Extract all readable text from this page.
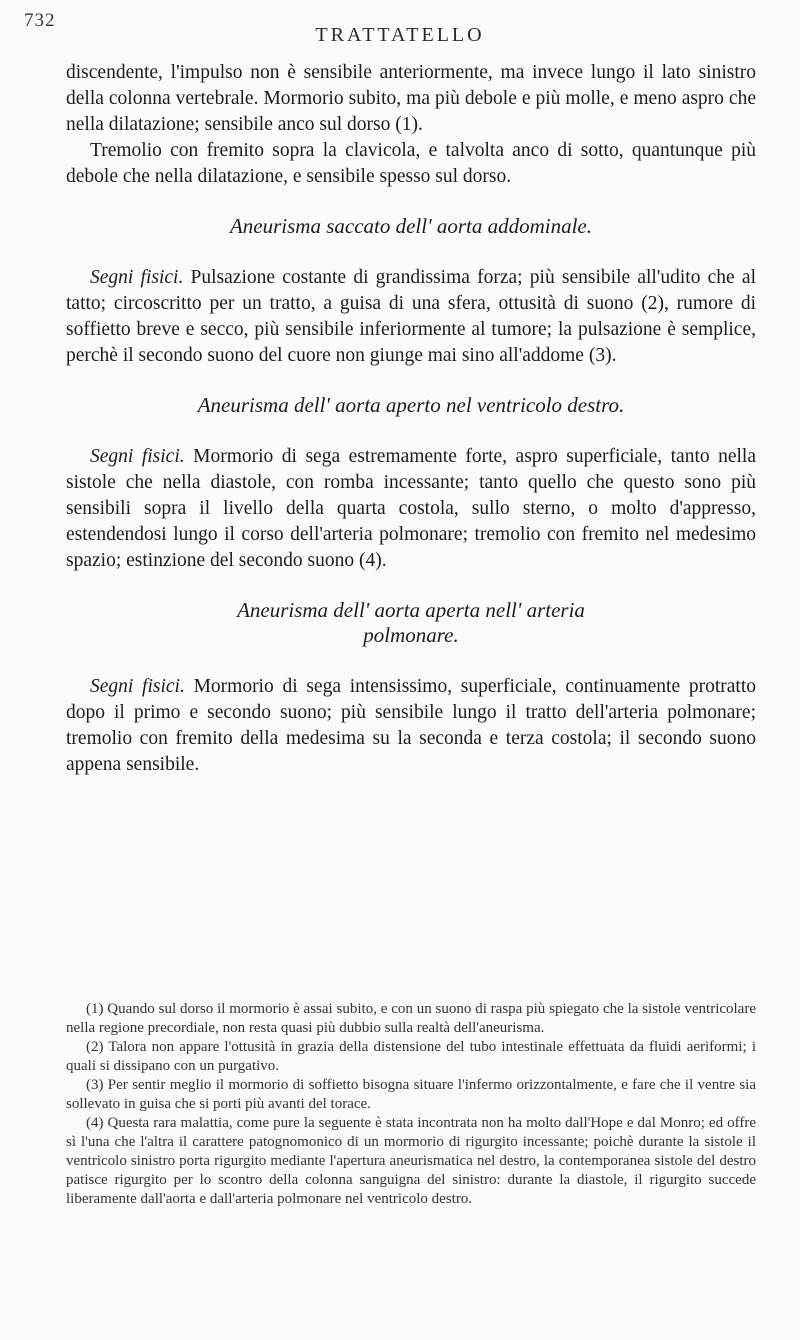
732
TRATTATELLO

discendente, l'impulso non è sensibile anteriormente, ma invece lungo il lato sinistro della colonna vertebrale. Mormorio subito, ma più debole e più molle, e meno aspro che nella dilatazione; sensibile anco sul dorso (1).

Tremolio con fremito sopra la clavicola, e talvolta anco di sotto, quantunque più debole che nella dilatazione, e sensibile spesso sul dorso.

Aneurisma saccato dell' aorta addominale.

Segni fisici. Pulsazione costante di grandissima forza; più sensibile all'udito che al tatto; circoscritto per un tratto, a guisa di una sfera, ottusità di suono (2), rumore di soffietto breve e secco, più sensibile inferiormente al tumore; la pulsazione è semplice, perchè il secondo suono del cuore non giunge mai sino all'addome (3).

Aneurisma dell' aorta aperto nel ventricolo destro.

Segni fisici. Mormorio di sega estremamente forte, aspro superficiale, tanto nella sistole che nella diastole, con romba incessante; tanto quello che questo sono più sensibili sopra il livello della quarta costola, sullo sterno, o molto d'appresso, estendendosi lungo il corso dell'arteria polmonare; tremolio con fremito nel medesimo spazio; estinzione del secondo suono (4).

Aneurisma dell' aorta aperta nell' arteria
polmonare.

Segni fisici. Mormorio di sega intensissimo, superficiale, continuamente protratto dopo il primo e secondo suono; più sensibile lungo il tratto dell'arteria polmonare; tremolio con fremito della medesima su la seconda e terza costola; il secondo suono appena sensibile.

(1) Quando sul dorso il mormorio è assai subito, e con un suono di raspa più spiegato che la sistole ventricolare nella regione precordiale, non resta quasi più dubbio sulla realtà dell'aneurisma.

(2) Talora non appare l'ottusità in grazia della distensione del tubo intestinale effettuata da fluidi aeriformi; i quali si dissipano con un purgativo.

(3) Per sentir meglio il mormorio di soffietto bisogna situare l'infermo orizzontalmente, e fare che il ventre sia sollevato in guisa che si porti più avanti del torace.

(4) Questa rara malattia, come pure la seguente è stata incontrata non ha molto dall'Hope e dal Monro; ed offre sì l'una che l'altra il carattere patognomonico di un mormorio di rigurgito incessante; poichè durante la sistole il ventricolo sinistro porta rigurgito mediante l'apertura aneurismatica nel destro, la contemporanea sistole del destro patisce rigurgito per lo scontro della colonna sanguigna del sinistro: durante la diastole, il rigurgito succede liberamente dall'aorta e dall'arteria polmonare nel ventricolo destro.
